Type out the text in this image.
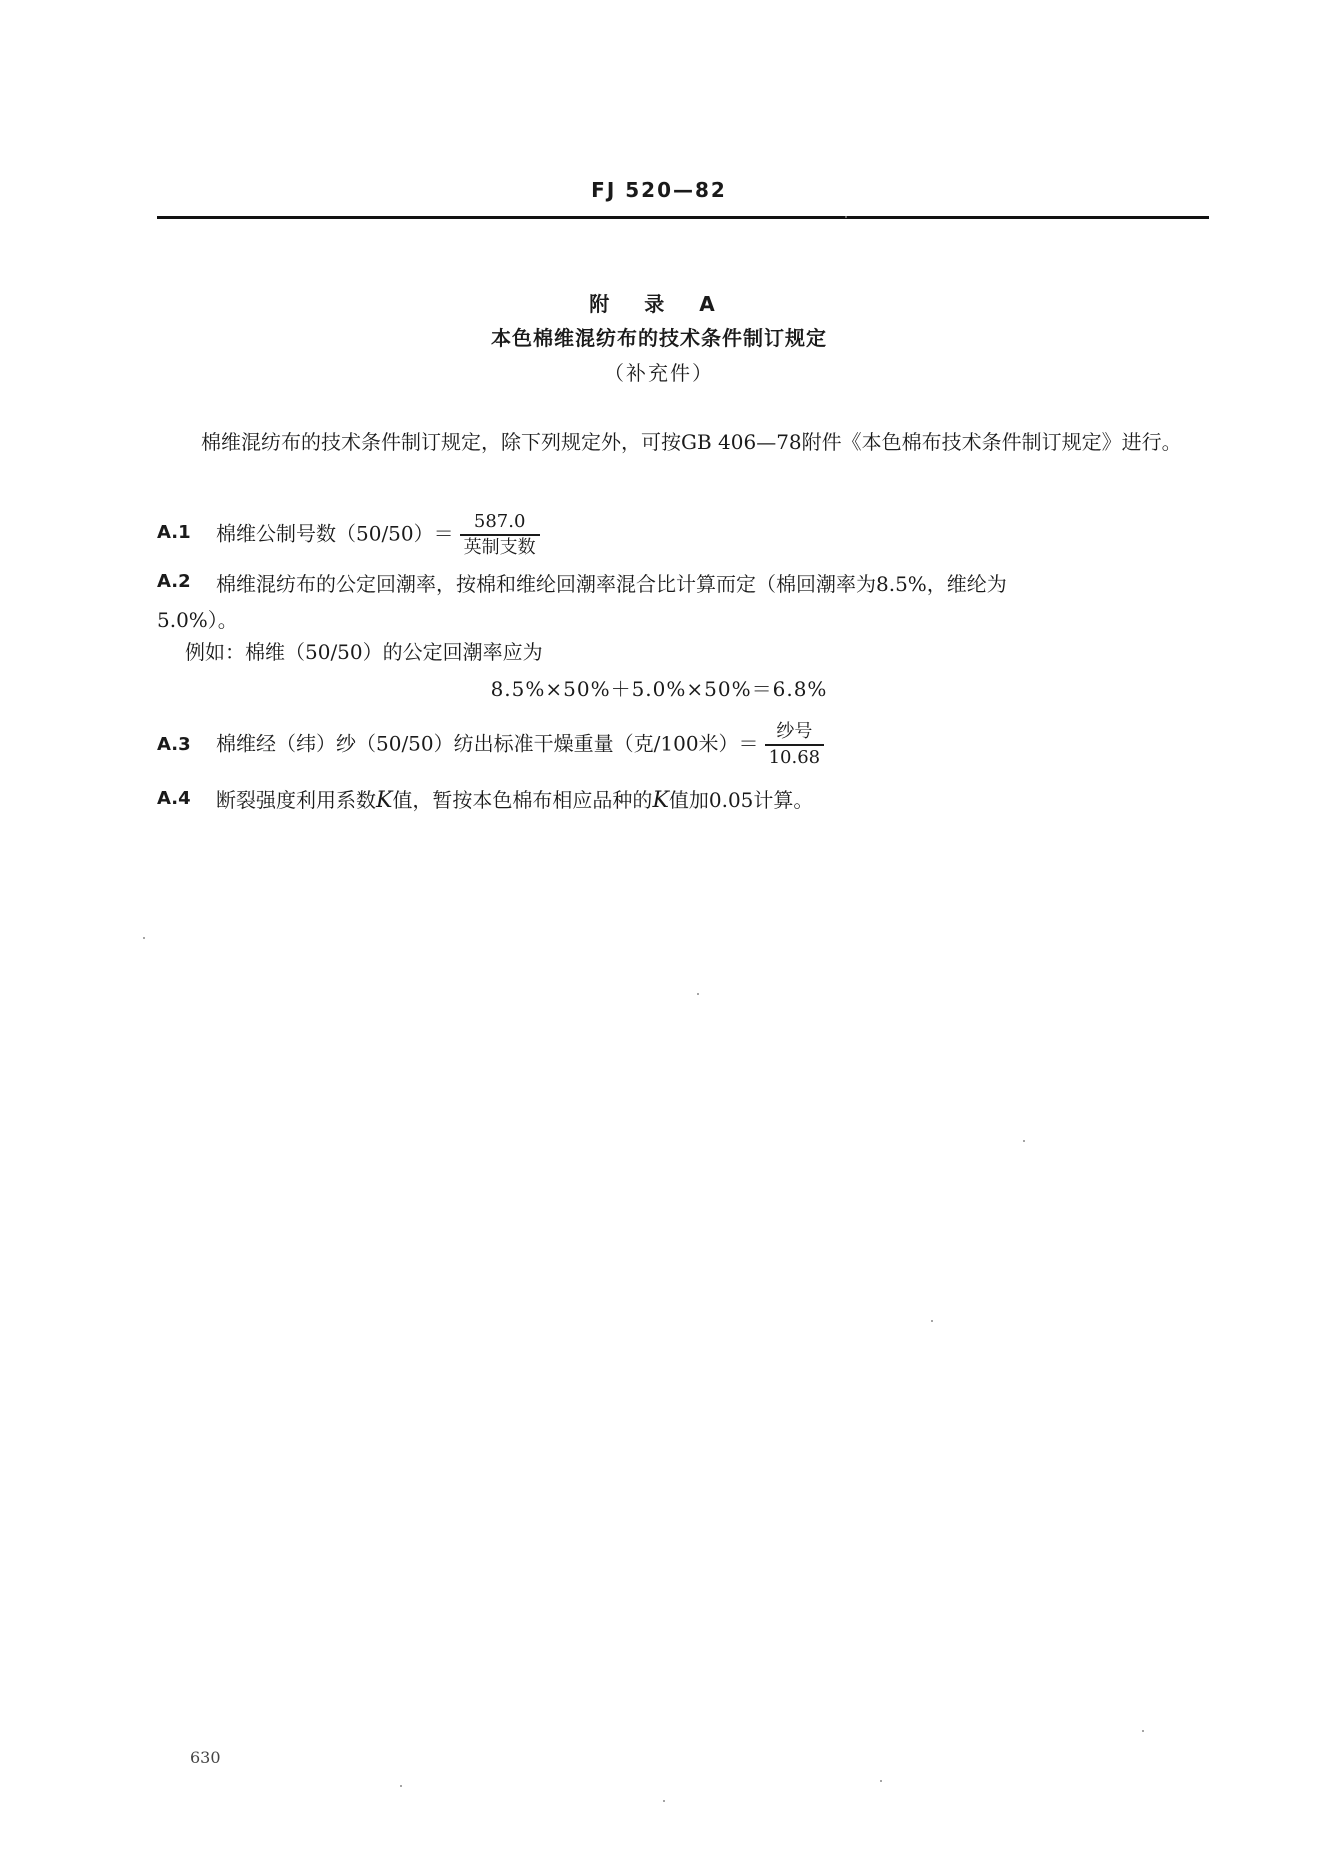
FJ 520—82
附 录 A
本色棉维混纺布的技术条件制订规定
（补充件）
棉维混纺布的技术条件制订规定，除下列规定外，可按GB 406—78附件《本色棉布技术条件制订规定》进行。
A.1 棉维公制号数$(50/50)= \frac{587.0}{\text{英制支数}}$
A.2 棉维混纺布的公定回潮率，按棉和维纶回潮率混合比计算而定（棉回潮率为8.5%，维纶为
5.0%）。
例如：棉维（50/50）的公定回潮率应为
8.5%×50%＋5.0%×50%＝6.8%
A.3 棉维经（纬）纱（50/50）纺出标准干燥重量（克/100米）＝ $\frac{\text{纱号}}{10.68}$
A.4 断裂强度利用系数K值，暂按本色棉布相应品种的K值加0.05计算。
630
